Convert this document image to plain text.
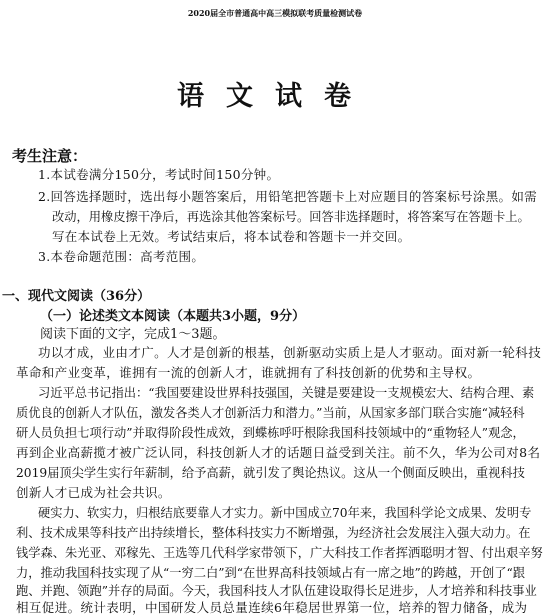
2020届全市普通高中高三模拟联考质量检测试卷
语文试卷
考生注意：
1.本试卷满分150分，考试时间150分钟。
2.回答选择题时，选出每小题答案后，用铅笔把答题卡上对应题目的答案标号涂黑。如需
改动，用橡皮擦干净后，再选涂其他答案标号。回答非选择题时，将答案写在答题卡上。
写在本试卷上无效。考试结束后，将本试卷和答题卡一并交回。
3.本卷命题范围：高考范围。
一、现代文阅读（36分）
（一）论述类文本阅读（本题共3小题，9分）
阅读下面的文字，完成1～3题。
功以才成，业由才广。人才是创新的根基，创新驱动实质上是人才驱动。面对新一轮科技
革命和产业变革，谁拥有一流的创新人才，谁就拥有了科技创新的优势和主导权。
习近平总书记指出：“我国要建设世界科技强国，关键是要建设一支规模宏大、结构合理、素
质优良的创新人才队伍，激发各类人才创新活力和潜力。”当前，从国家多部门联合实施“减轻科
研人员负担七项行动”并取得阶段性成效，到蝶栋呼吁根除我国科技领域中的“重物轻人”观念，
再到企业高薪揽才被广泛认同，科技创新人才的话题日益受到关注。前不久，华为公司对8名
2019届顶尖学生实行年薪制，给予高薪，就引发了舆论热议。这从一个侧面反映出，重视科技
创新人才已成为社会共识。
硬实力、软实力，归根结底要靠人才实力。新中国成立70年来，我国科学论文成果、发明专
利、技术成果等科技产出持续增长，整体科技实力不断增强，为经济社会发展注入强大动力。在
钱学森、朱光亚、邓稼先、王选等几代科学家带领下，广大科技工作者挥洒聪明才智、付出艰辛努
力，推动我国科技实现了从“一穷二白”到“在世界高科技领域占有一席之地”的跨越，开创了“跟
跑、并跑、领跑”并存的局面。今天，我国科技人才队伍建设取得长足进步，人才培养和科技事业
相互促进。统计表明，中国研发人员总量连续6年稳居世界第一位，培养的智力储备，成为
